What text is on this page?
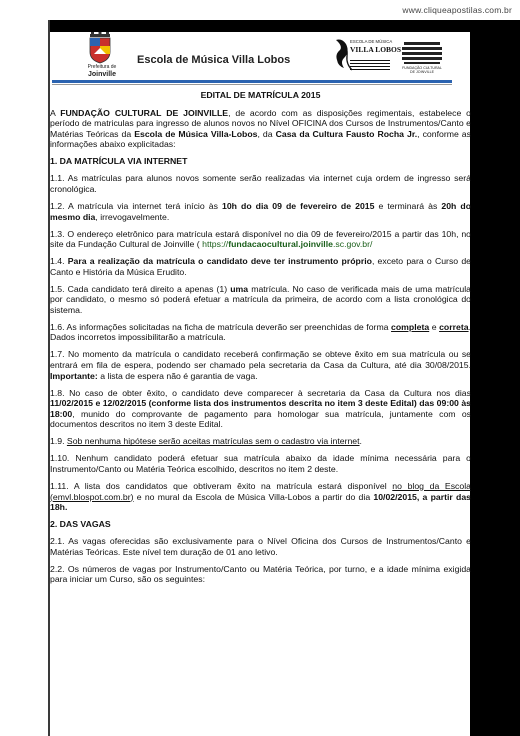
www.cliqueapostilas.com.br
Prefeitura de
Joinville
Escola de Música Villa Lobos
ESCOLA DE MÚSICA
VILLA LOBOS
FUNDAÇÃO CULTURAL DE JOINVILLE

EDITAL DE MATRÍCULA 2015

A FUNDAÇÃO CULTURAL DE JOINVILLE, de acordo com as disposições regimentais, estabelece o período de matriculas para ingresso de alunos novos no Nível OFICINA dos Cursos de Instrumentos/Canto e Matérias Teóricas da Escola de Música Villa-Lobos, da Casa da Cultura Fausto Rocha Jr., conforme as informações abaixo explicitadas:

1. DA MATRÍCULA VIA INTERNET

1.1. As matrículas para alunos novos somente serão realizadas via internet cuja ordem de ingresso será cronológica.

1.2. A matrícula via internet terá início às 10h do dia 09 de fevereiro de 2015 e terminará às 20h do mesmo dia, irrevogavelmente.

1.3. O endereço eletrônico para matrícula estará disponível no dia 09 de fevereiro/2015 a partir das 10h, no site da Fundação Cultural de Joinville ( https://fundacaocultural.joinville.sc.gov.br/

1.4. Para a realização da matrícula o candidato deve ter instrumento próprio, exceto para o Curso de Canto e História da Música Erudito.

1.5. Cada candidato terá direito a apenas (1) uma matrícula. No caso de verificada mais de uma matrícula por candidato, o mesmo só poderá efetuar a matrícula da primeira, de acordo com a lista cronológica do sistema.

1.6. As informações solicitadas na ficha de matrícula deverão ser preenchidas de forma completa e correta. Dados incorretos impossibilitarão a matrícula.

1.7. No momento da matrícula o candidato receberá confirmação se obteve êxito em sua matrícula ou se entrará em fila de espera, podendo ser chamado pela secretaria da Casa da Cultura, até dia 30/08/2015. Importante: a lista de espera não é garantia de vaga.

1.8. No caso de obter êxito, o candidato deve comparecer à secretaria da Casa da Cultura nos dias 11/02/2015 e 12/02/2015 (conforme lista dos instrumentos descrita no item 3 deste Edital) das 09:00 às 18:00, munido do comprovante de pagamento para homologar sua matrícula, juntamente com os documentos descritos no item 3 deste Edital.

1.9. Sob nenhuma hipótese serão aceitas matrículas sem o cadastro via internet.

1.10. Nenhum candidato poderá efetuar sua matrícula abaixo da idade mínima necessária para o Instrumento/Canto ou Matéria Teórica escolhido, descritos no item 2 deste.

1.11. A lista dos candidatos que obtiveram êxito na matrícula estará disponível no blog da Escola (emvl.blospot.com.br) e no mural da Escola de Música Villa-Lobos a partir do dia 10/02/2015, a partir das 18h.

2. DAS VAGAS

2.1. As vagas oferecidas são exclusivamente para o Nível Oficina dos Cursos de Instrumentos/Canto e Matérias Teóricas. Este nível tem duração de 01 ano letivo.

2.2. Os números de vagas por Instrumento/Canto ou Matéria Teórica, por turno, e a idade mínima exigida para iniciar um Curso, são os seguintes:
